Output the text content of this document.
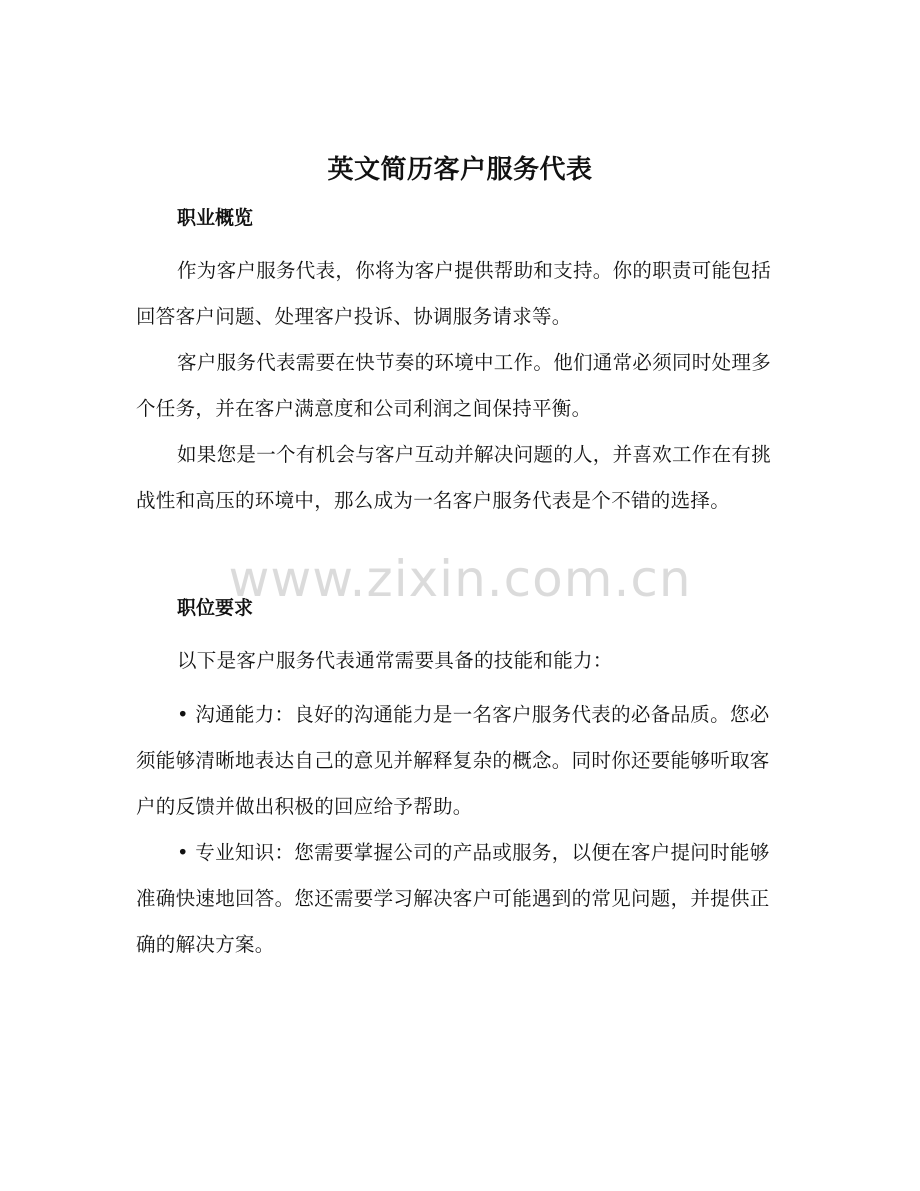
英文简历客户服务代表
职业概览
作为客户服务代表，你将为客户提供帮助和支持。你的职责可能包括回答客户问题、处理客户投诉、协调服务请求等。
客户服务代表需要在快节奏的环境中工作。他们通常必须同时处理多个任务，并在客户满意度和公司利润之间保持平衡。
如果您是一个有机会与客户互动并解决问题的人，并喜欢工作在有挑战性和高压的环境中，那么成为一名客户服务代表是个不错的选择。
www.zixin.com.cn
职位要求
以下是客户服务代表通常需要具备的技能和能力：
• 沟通能力：良好的沟通能力是一名客户服务代表的必备品质。您必须能够清晰地表达自己的意见并解释复杂的概念。同时你还要能够听取客户的反馈并做出积极的回应给予帮助。
• 专业知识：您需要掌握公司的产品或服务，以便在客户提问时能够准确快速地回答。您还需要学习解决客户可能遇到的常见问题，并提供正确的解决方案。
